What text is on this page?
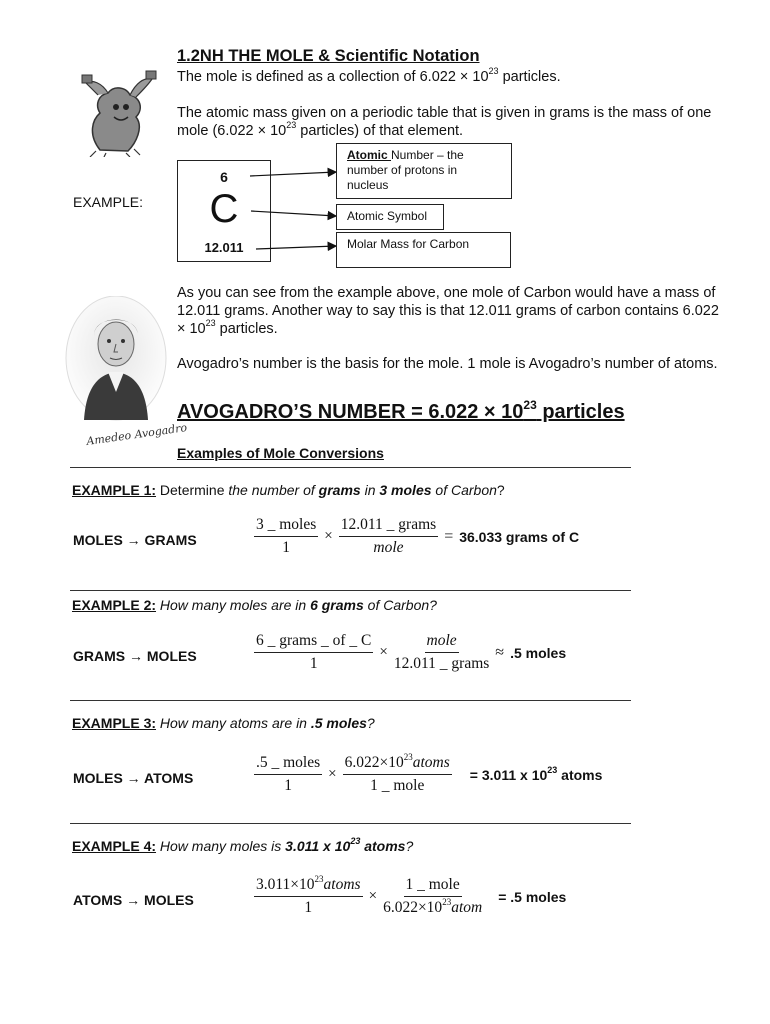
1.2NH THE MOLE & Scientific Notation
The mole is defined as a collection of $6.022 \times 10^{23}$ particles.
The atomic mass given on a periodic table that is given in grams is the mass of one mole ($6.022 \times 10^{23}$ particles) of that element.
EXAMPLE:
6
C
12.011
Atomic Number – the number of protons in nucleus
Atomic Symbol
Molar Mass for Carbon
Amedeo Avogadro
As you can see from the example above, one mole of Carbon would have a mass of 12.011 grams. Another way to say this is that 12.011 grams of carbon contains $6.022 \times 10^{23}$ particles.
Avogadro’s number is the basis for the mole. 1 mole is Avogadro’s number of atoms.
AVOGADRO’S NUMBER = $6.022 \times 10^{23}$ particles
Examples of Mole Conversions
EXAMPLE 1: Determine the number of grams in 3 moles of Carbon?
MOLES → GRAMS	$\frac{\text{3 \_ moles}}{1} \times \frac{\text{12.011 \_ grams}}{\text{mole}} = 36.033$ grams of C
EXAMPLE 2: How many moles are in 6 grams of Carbon?
GRAMS → MOLES	$\frac{\text{6 \_ grams \_ of \_ C}}{1} \times \frac{\text{mole}}{\text{12.011 \_ grams}} \approx .5$ moles
EXAMPLE 3: How many atoms are in .5 moles?
MOLES → ATOMS	$\frac{\text{.5 \_ moles}}{1} \times \frac{6.022\times 10^{23}atoms}{\text{1 \_ mole}} = 3.011$ x $10^{23}$ atoms
EXAMPLE 4: How many moles is 3.011 x $10^{23}$ atoms?
ATOMS → MOLES	$\frac{3.011\times 10^{23}atoms}{1} \times \frac{\text{1 \_ mole}}{6.022\times 10^{23}atom} = .5$ moles
